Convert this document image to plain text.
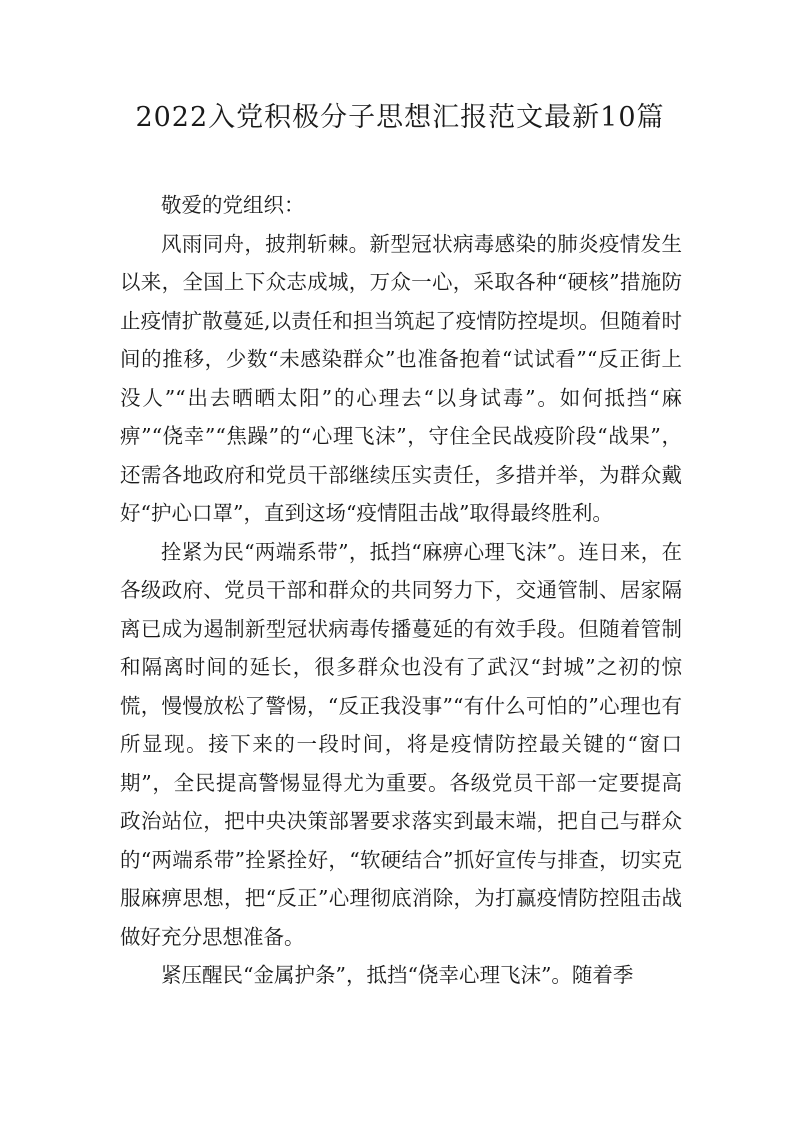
2022入党积极分子思想汇报范文最新10篇

敬爱的党组织：

风雨同舟，披荆斩棘。新型冠状病毒感染的肺炎疫情发生以来，全国上下众志成城，万众一心，采取各种“硬核”措施防止疫情扩散蔓延,以责任和担当筑起了疫情防控堤坝。但随着时间的推移，少数“未感染群众”也准备抱着“试试看”“反正街上没人”“出去晒晒太阳”的心理去“以身试毒”。如何抵挡“麻痹”“侥幸”“焦躁”的“心理飞沫”，守住全民战疫阶段“战果”，还需各地政府和党员干部继续压实责任，多措并举，为群众戴好“护心口罩”，直到这场“疫情阻击战”取得最终胜利。

拴紧为民“两端系带”，抵挡“麻痹心理飞沫”。连日来，在各级政府、党员干部和群众的共同努力下，交通管制、居家隔离已成为遏制新型冠状病毒传播蔓延的有效手段。但随着管制和隔离时间的延长，很多群众也没有了武汉“封城”之初的惊慌，慢慢放松了警惕，“反正我没事”“有什么可怕的”心理也有所显现。接下来的一段时间，将是疫情防控最关键的“窗口期”，全民提高警惕显得尤为重要。各级党员干部一定要提高政治站位，把中央决策部署要求落实到最末端，把自己与群众的“两端系带”拴紧拴好，“软硬结合”抓好宣传与排查，切实克服麻痹思想，把“反正”心理彻底消除，为打赢疫情防控阻击战做好充分思想准备。

紧压醒民“金属护条”，抵挡“侥幸心理飞沫”。随着季
